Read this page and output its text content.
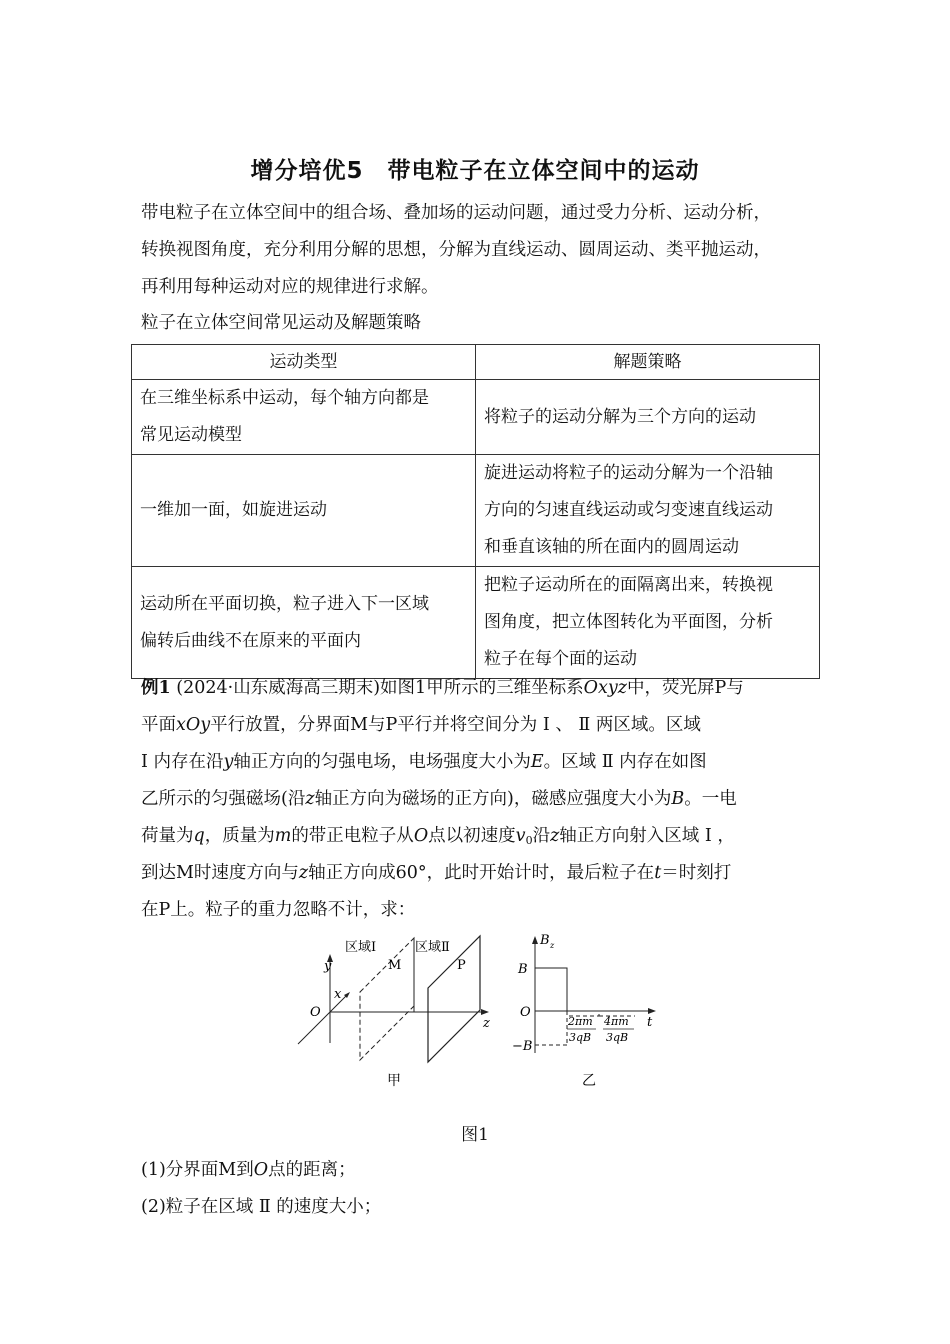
增分培优5　带电粒子在立体空间中的运动
带电粒子在立体空间中的组合场、叠加场的运动问题，通过受力分析、运动分析，
转换视图角度，充分利用分解的思想，分解为直线运动、圆周运动、类平抛运动，
再利用每种运动对应的规律进行求解。
粒子在立体空间常见运动及解题策略
运动类型	解题策略

在三维坐标系中运动，每个轴方向都是
常见运动模型	将粒子的运动分解为三个方向的运动

一维加一面，如旋进运动	旋进运动将粒子的运动分解为一个沿轴
方向的匀速直线运动或匀变速直线运动
和垂直该轴的所在面内的圆周运动

运动所在平面切换，粒子进入下一区域
偏转后曲线不在原来的平面内	把粒子运动所在的面隔离出来，转换视
图角度，把立体图转化为平面图，分析
粒子在每个面的运动
例1 (2024·山东威海高三期末)如图1甲所示的三维坐标系Oxyz中，荧光屏P与
平面xOy平行放置，分界面M与P平行并将空间分为 Ⅰ 、 Ⅱ 两区域。区域
Ⅰ 内存在沿y轴正方向的匀强电场，电场强度大小为E。区域 Ⅱ 内存在如图
乙所示的匀强磁场(沿z轴正方向为磁场的正方向)，磁感应强度大小为B。一电
荷量为q，质量为m的带正电粒子从O点以初速度$v_0$沿z轴正方向射入区域 Ⅰ ，
到达M时速度方向与z轴正方向成60°，此时开始计时，最后粒子在t＝时刻打
在P上。粒子的重力忽略不计，求：
y
z
x
O
区域Ⅰ	区域Ⅱ
M	P
甲
B z
t
O
B
−B
2πm
3qB
4πm
3qB
乙
图1
(1)分界面M到O点的距离；
(2)粒子在区域 Ⅱ 的速度大小；
